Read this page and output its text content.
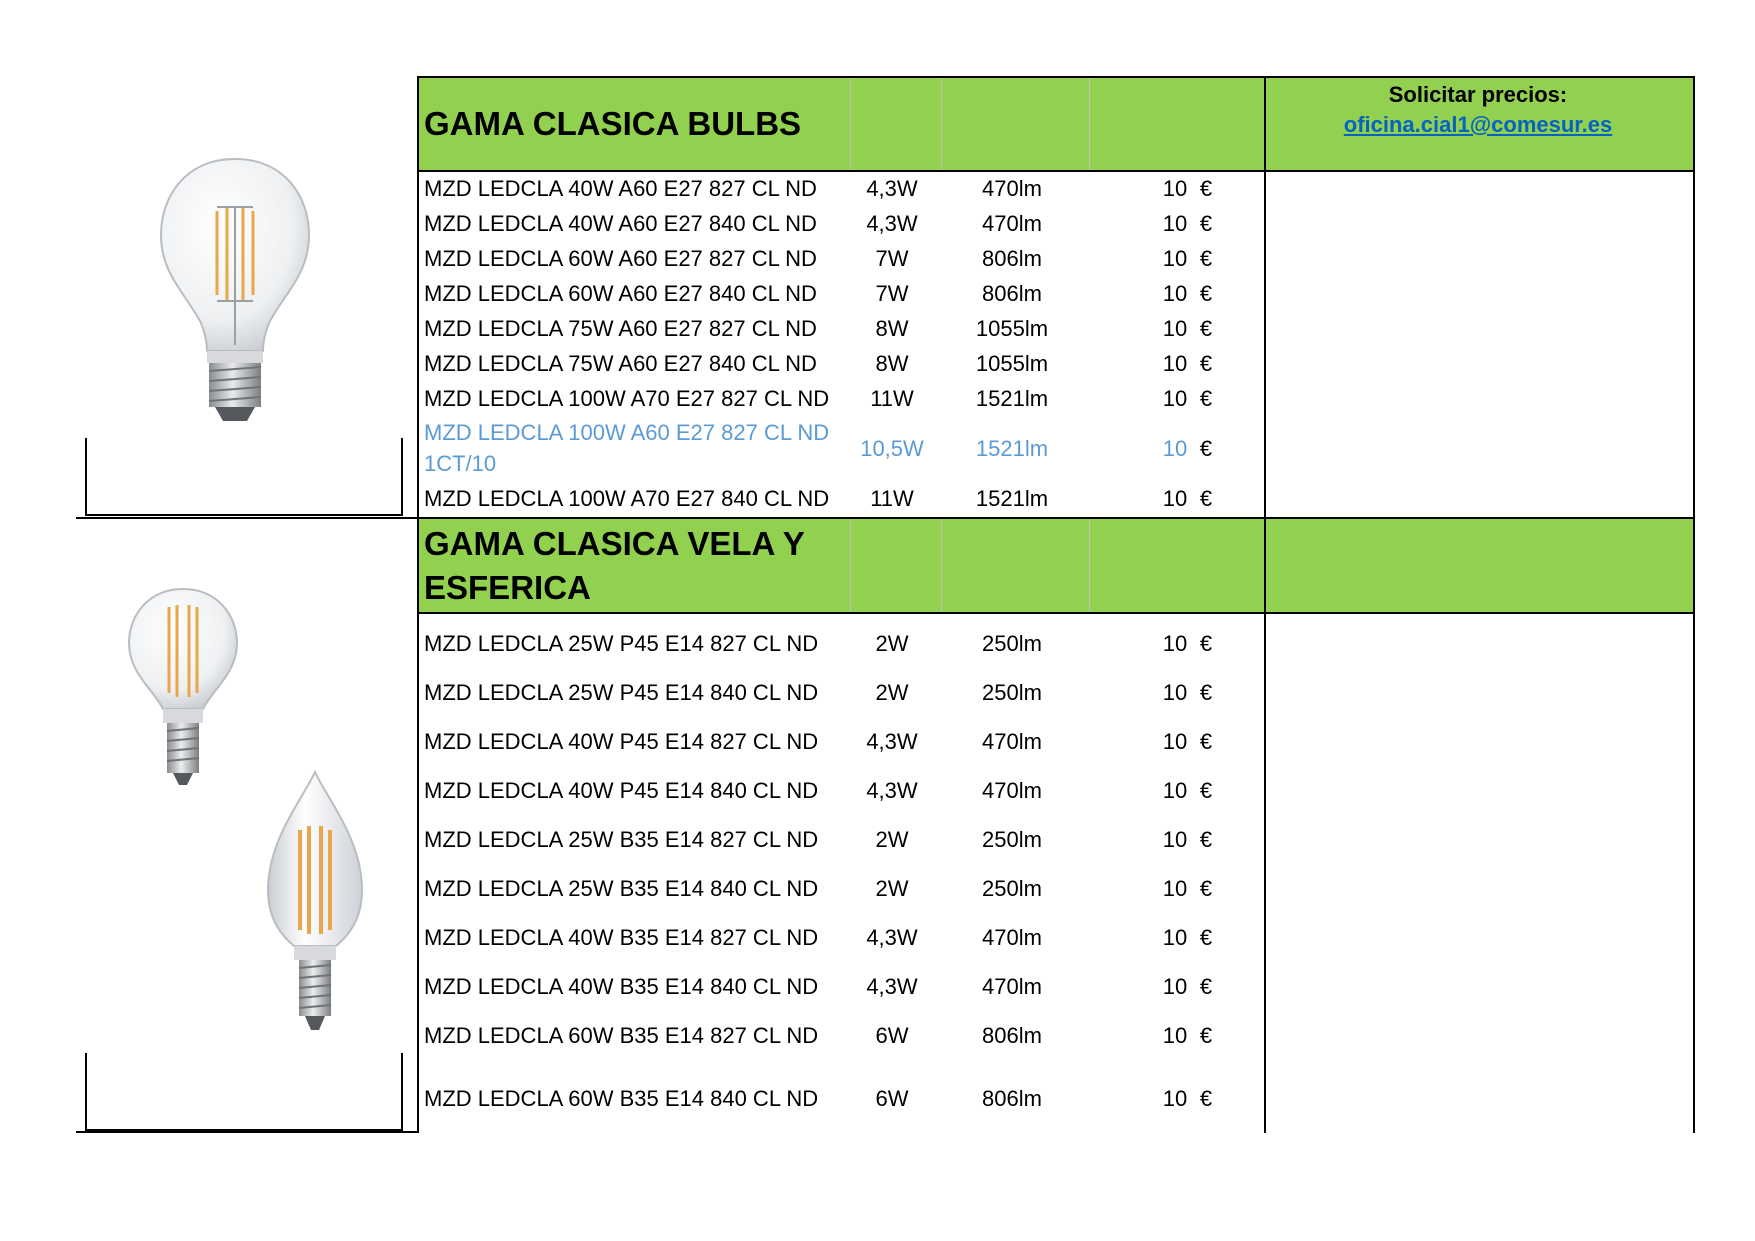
GAMA CLASICA BULBS
GAMA CLASICA VELA Y
ESFERICA
Solicitar precios:
oficina.cial1@comesur.es
MZD LEDCLA 40W A60 E27 827 CL ND	4,3W	470lm	10 €
MZD LEDCLA 40W A60 E27 840 CL ND	4,3W	470lm	10 €
MZD LEDCLA 60W A60 E27 827 CL ND	7W	806lm	10 €
MZD LEDCLA 60W A60 E27 840 CL ND	7W	806lm	10 €
MZD LEDCLA 75W A60 E27 827 CL ND	8W	1055lm	10 €
MZD LEDCLA 75W A60 E27 840 CL ND	8W	1055lm	10 €
MZD LEDCLA 100W A70 E27 827 CL ND	11W	1521lm	10 €
MZD LEDCLA 100W A60 E27 827 CL ND
1CT/10
10,5W	1521lm	10 €
MZD LEDCLA 100W A70 E27 840 CL ND	11W	1521lm	10 €
MZD LEDCLA 25W P45 E14 827 CL ND	2W	250lm	10 €
MZD LEDCLA 25W P45 E14 840 CL ND	2W	250lm	10 €
MZD LEDCLA 40W P45 E14 827 CL ND	4,3W	470lm	10 €
MZD LEDCLA 40W P45 E14 840 CL ND	4,3W	470lm	10 €
MZD LEDCLA 25W B35 E14 827 CL ND	2W	250lm	10 €
MZD LEDCLA 25W B35 E14 840 CL ND	2W	250lm	10 €
MZD LEDCLA 40W B35 E14 827 CL ND	4,3W	470lm	10 €
MZD LEDCLA 40W B35 E14 840 CL ND	4,3W	470lm	10 €
MZD LEDCLA 60W B35 E14 827 CL ND	6W	806lm	10 €
MZD LEDCLA 60W B35 E14 840 CL ND	6W	806lm	10 €
